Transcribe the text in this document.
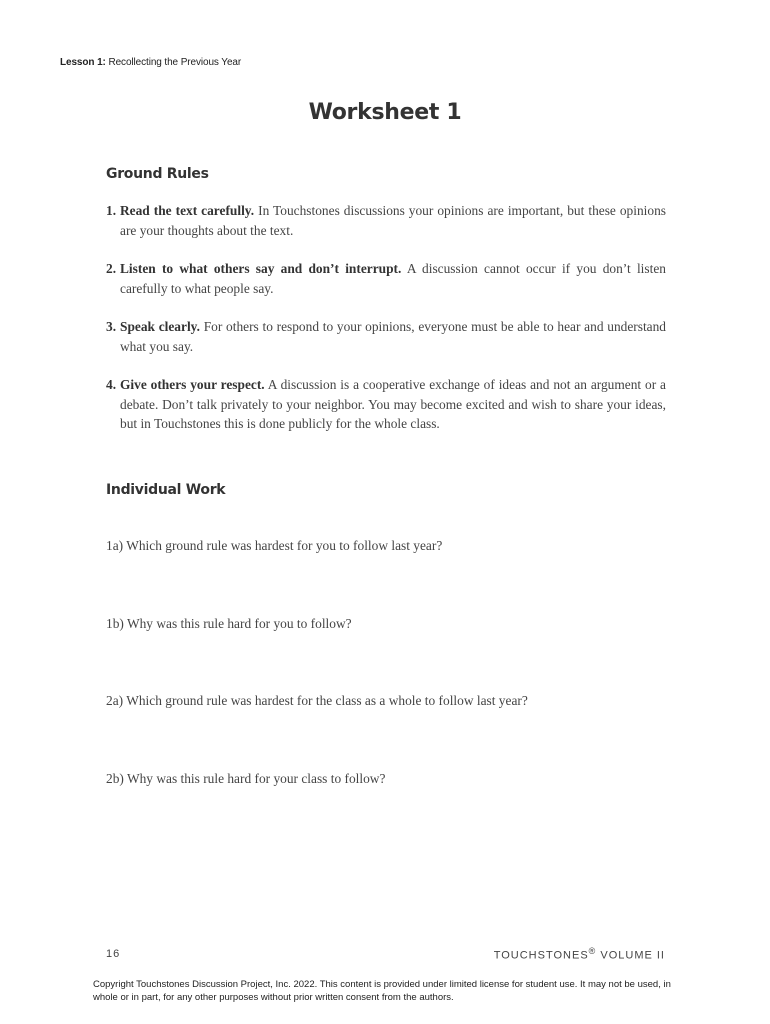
Lesson 1: Recollecting the Previous Year
Worksheet 1
Ground Rules
1. Read the text carefully. In Touchstones discussions your opinions are important, but these opinions are your thoughts about the text.
2. Listen to what others say and don’t interrupt. A discussion cannot occur if you don’t listen carefully to what people say.
3. Speak clearly. For others to respond to your opinions, everyone must be able to hear and understand what you say.
4. Give others your respect. A discussion is a cooperative exchange of ideas and not an argument or a debate. Don’t talk privately to your neighbor. You may become excited and wish to share your ideas, but in Touchstones this is done publicly for the whole class.
Individual Work
1a) Which ground rule was hardest for you to follow last year?
1b) Why was this rule hard for you to follow?
2a) Which ground rule was hardest for the class as a whole to follow last year?
2b) Why was this rule hard for your class to follow?
16	TOUCHSTONES® VOLUME II
Copyright Touchstones Discussion Project, Inc. 2022. This content is provided under limited license for student use. It may not be used, in whole or in part, for any other purposes without prior written consent from the authors.
